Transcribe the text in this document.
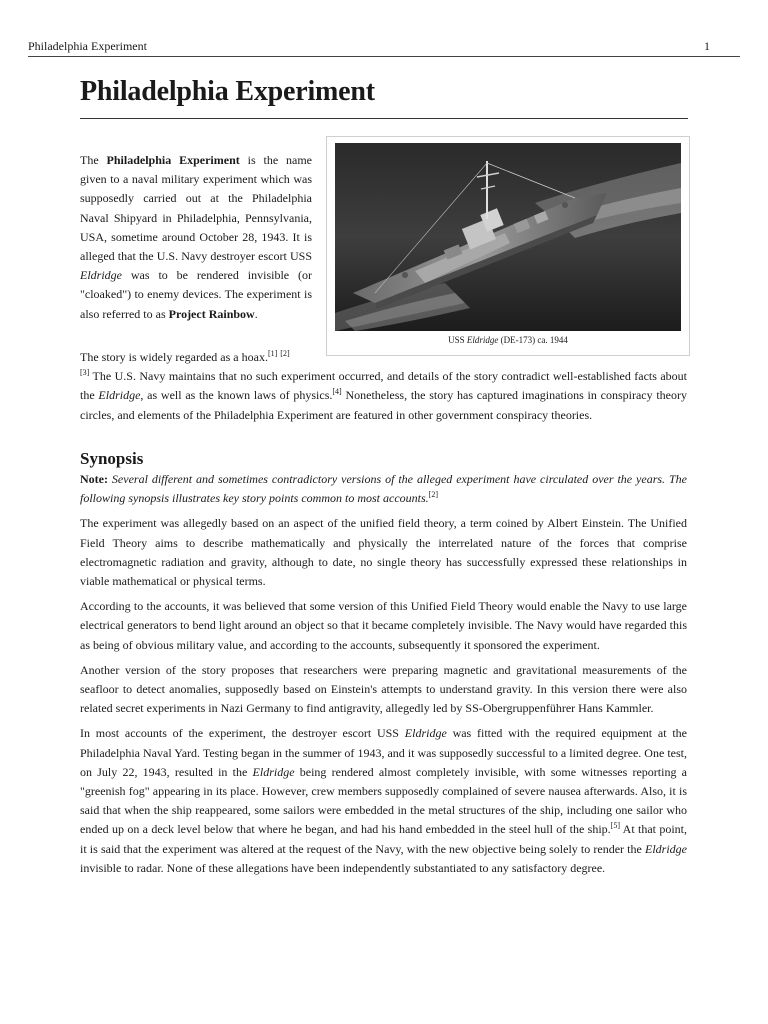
Philadelphia Experiment	1
Philadelphia Experiment

The Philadelphia Experiment is the name given to a naval military experiment which was supposedly carried out at the Philadelphia Naval Shipyard in Philadelphia, Pennsylvania, USA, sometime around October 28, 1943. It is alleged that the U.S. Navy destroyer escort USS Eldridge was to be rendered invisible (or "cloaked") to enemy devices. The experiment is also referred to as Project Rainbow.

USS Eldridge (DE-173) ca. 1944

The story is widely regarded as a hoax.[1] [2]
[3] The U.S. Navy maintains that no such experiment occurred, and details of the story contradict well-established facts about the Eldridge, as well as the known laws of physics.[4] Nonetheless, the story has captured imaginations in conspiracy theory circles, and elements of the Philadelphia Experiment are featured in other government conspiracy theories.

Synopsis

Note: Several different and sometimes contradictory versions of the alleged experiment have circulated over the years. The following synopsis illustrates key story points common to most accounts.[2]

The experiment was allegedly based on an aspect of the unified field theory, a term coined by Albert Einstein. The Unified Field Theory aims to describe mathematically and physically the interrelated nature of the forces that comprise electromagnetic radiation and gravity, although to date, no single theory has successfully expressed these relationships in viable mathematical or physical terms.

According to the accounts, it was believed that some version of this Unified Field Theory would enable the Navy to use large electrical generators to bend light around an object so that it became completely invisible. The Navy would have regarded this as being of obvious military value, and according to the accounts, subsequently it sponsored the experiment.

Another version of the story proposes that researchers were preparing magnetic and gravitational measurements of the seafloor to detect anomalies, supposedly based on Einstein's attempts to understand gravity. In this version there were also related secret experiments in Nazi Germany to find antigravity, allegedly led by SS-Obergruppenführer Hans Kammler.

In most accounts of the experiment, the destroyer escort USS Eldridge was fitted with the required equipment at the Philadelphia Naval Yard. Testing began in the summer of 1943, and it was supposedly successful to a limited degree. One test, on July 22, 1943, resulted in the Eldridge being rendered almost completely invisible, with some witnesses reporting a "greenish fog" appearing in its place. However, crew members supposedly complained of severe nausea afterwards. Also, it is said that when the ship reappeared, some sailors were embedded in the metal structures of the ship, including one sailor who ended up on a deck level below that where he began, and had his hand embedded in the steel hull of the ship.[5] At that point, it is said that the experiment was altered at the request of the Navy, with the new objective being solely to render the Eldridge invisible to radar. None of these allegations have been independently substantiated to any satisfactory degree.
